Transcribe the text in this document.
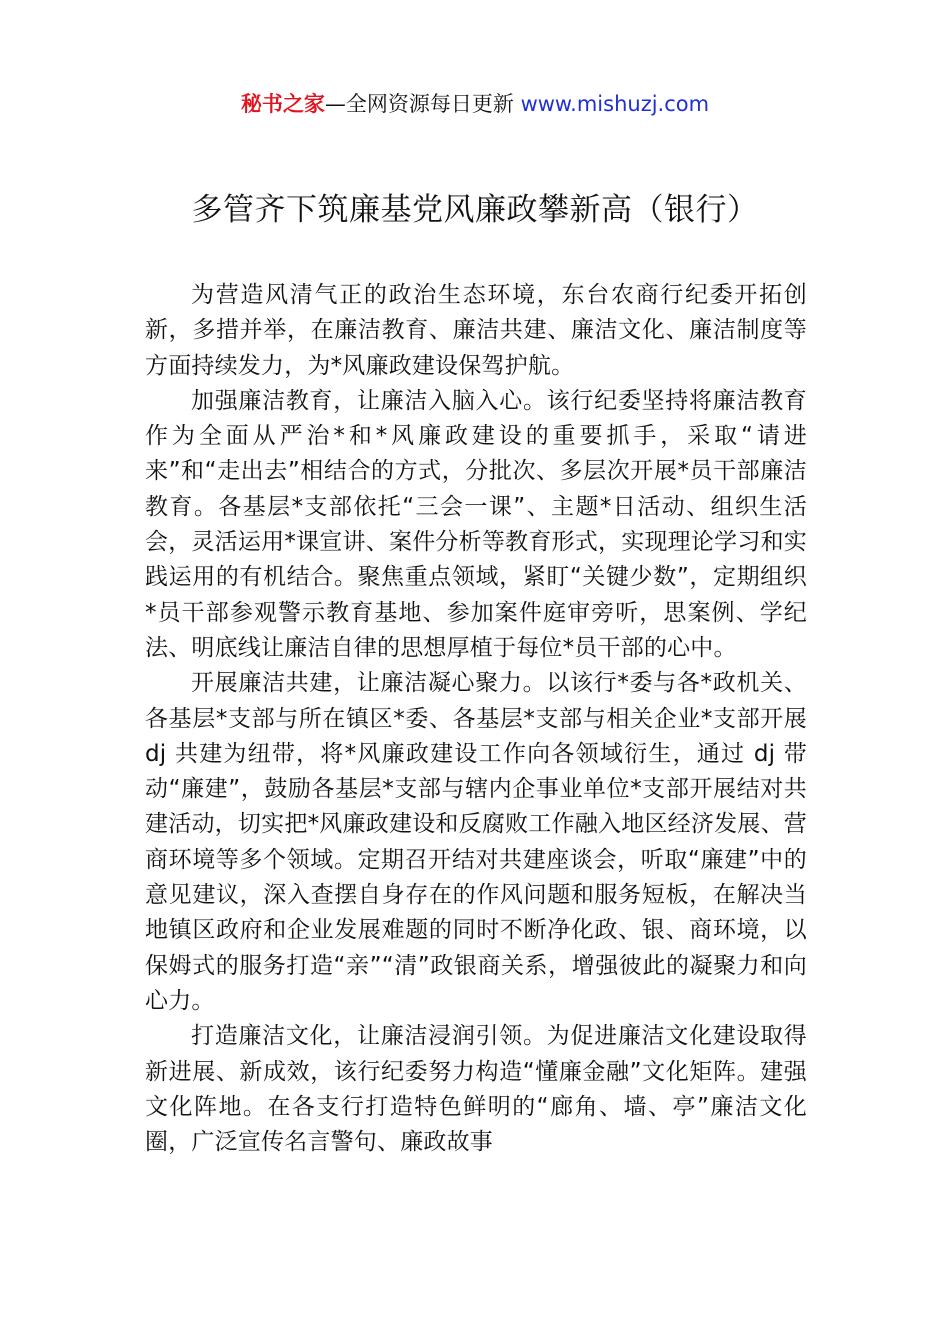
秘书之家—全网资源每日更新 www.mishuzj.com
多管齐下筑廉基党风廉政攀新高（银行）

为营造风清气正的政治生态环境，东台农商行纪委开拓创新，多措并举，在廉洁教育、廉洁共建、廉洁文化、廉洁制度等方面持续发力，为*风廉政建设保驾护航。

加强廉洁教育，让廉洁入脑入心。该行纪委坚持将廉洁教育作为全面从严治*和*风廉政建设的重要抓手，采取“请进来”和“走出去”相结合的方式，分批次、多层次开展*员干部廉洁教育。各基层*支部依托“三会一课”、主题*日活动、组织生活会，灵活运用*课宣讲、案件分析等教育形式，实现理论学习和实践运用的有机结合。聚焦重点领域，紧盯“关键少数”，定期组织*员干部参观警示教育基地、参加案件庭审旁听，思案例、学纪法、明底线让廉洁自律的思想厚植于每位*员干部的心中。

开展廉洁共建，让廉洁凝心聚力。以该行*委与各*政机关、各基层*支部与所在镇区*委、各基层*支部与相关企业*支部开展 dj 共建为纽带，将*风廉政建设工作向各领域衍生，通过 dj 带动“廉建”，鼓励各基层*支部与辖内企事业单位*支部开展结对共建活动，切实把*风廉政建设和反腐败工作融入地区经济发展、营商环境等多个领域。定期召开结对共建座谈会，听取“廉建”中的意见建议，深入查摆自身存在的作风问题和服务短板，在解决当地镇区政府和企业发展难题的同时不断净化政、银、商环境，以保姆式的服务打造“亲”“清”政银商关系，增强彼此的凝聚力和向心力。

打造廉洁文化，让廉洁浸润引领。为促进廉洁文化建设取得新进展、新成效，该行纪委努力构造“懂廉金融”文化矩阵。建强文化阵地。在各支行打造特色鲜明的“廊角、墙、亭”廉洁文化圈，广泛宣传名言警句、廉政故事
